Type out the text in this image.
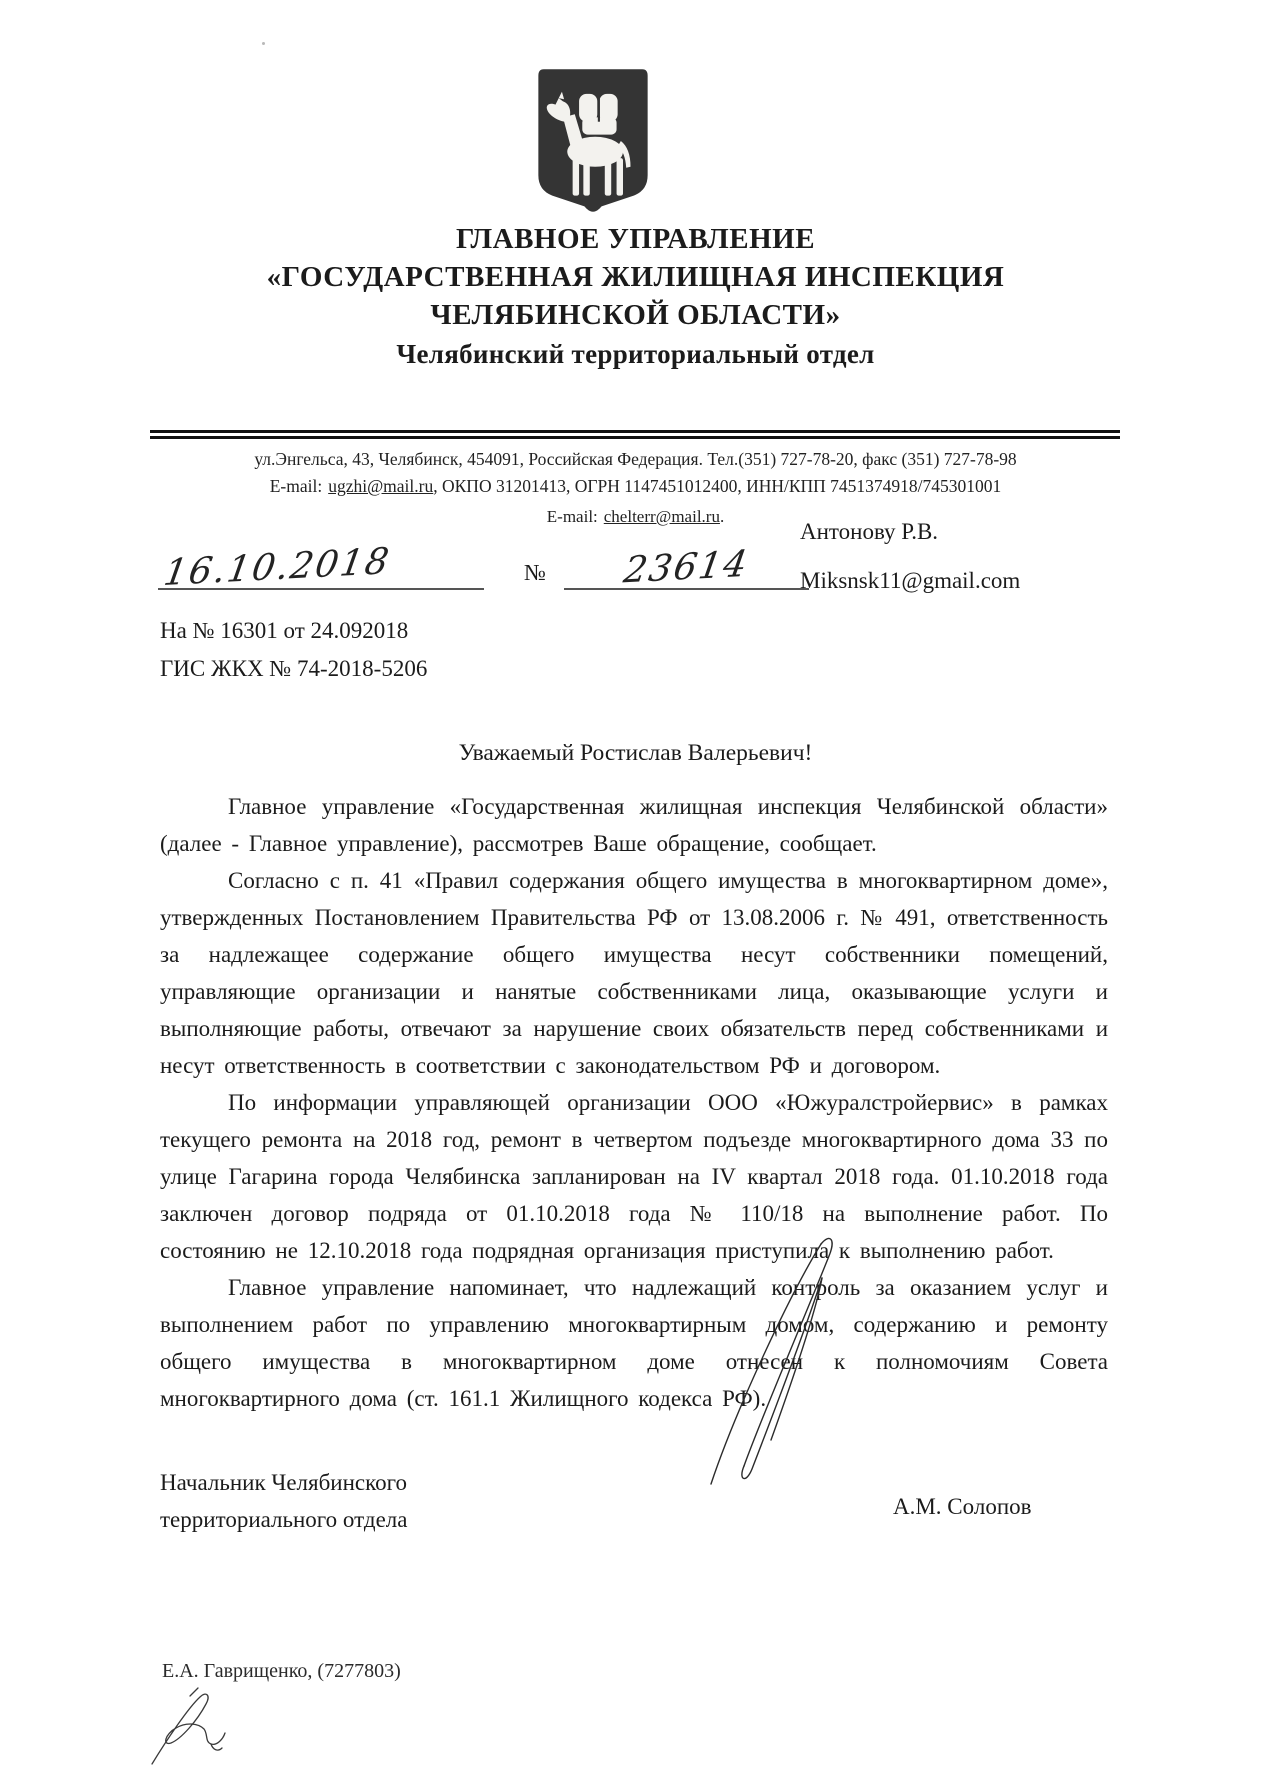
ГЛАВНОЕ УПРАВЛЕНИЕ
«ГОСУДАРСТВЕННАЯ ЖИЛИЩНАЯ ИНСПЕКЦИЯ
ЧЕЛЯБИНСКОЙ ОБЛАСТИ»
Челябинский территориальный отдел
ул.Энгельса, 43, Челябинск, 454091, Российская Федерация. Тел.(351) 727-78-20, факс (351) 727-78-98
E-mail: ugzhi@mail.ru, ОКПО 31201413, ОГРН 1147451012400, ИНН/КПП 7451374918/745301001
E-mail: chelterr@mail.ru.
16.10.2018	№	23614
На № 16301 от 24.092018
ГИС ЖКХ № 74-2018-5206
Антонову Р.В.
Miksnsk11@gmail.com
Уважаемый Ростислав Валерьевич!

Главное управление «Государственная жилищная инспекция Челябинской области» (далее - Главное управление), рассмотрев Ваше обращение, сообщает.

Согласно с п. 41 «Правил содержания общего имущества в многоквартирном доме», утвержденных Постановлением Правительства РФ от 13.08.2006 г. № 491, ответственность за надлежащее содержание общего имущества несут собственники помещений, управляющие организации и нанятые собственниками лица, оказывающие услуги и выполняющие работы, отвечают за нарушение своих обязательств перед собственниками и несут ответственность в соответствии с законодательством РФ и договором.

По информации управляющей организации ООО «Южуралстройервис» в рамках текущего ремонта на 2018 год, ремонт в четвертом подъезде многоквартирного дома 33 по улице Гагарина города Челябинска запланирован на IV квартал 2018 года. 01.10.2018 года заключен договор подряда от 01.10.2018 года № 110/18 на выполнение работ. По состоянию не 12.10.2018 года подрядная организация приступила к выполнению работ.

Главное управление напоминает, что надлежащий контроль за оказанием услуг и выполнением работ по управлению многоквартирным домом, содержанию и ремонту общего имущества в многоквартирном доме отнесен к полномочиям Совета многоквартирного дома (ст. 161.1 Жилищного кодекса РФ).

Начальник Челябинского
территориального отдела
А.М. Солопов
Е.А. Гаврищенко, (7277803)
